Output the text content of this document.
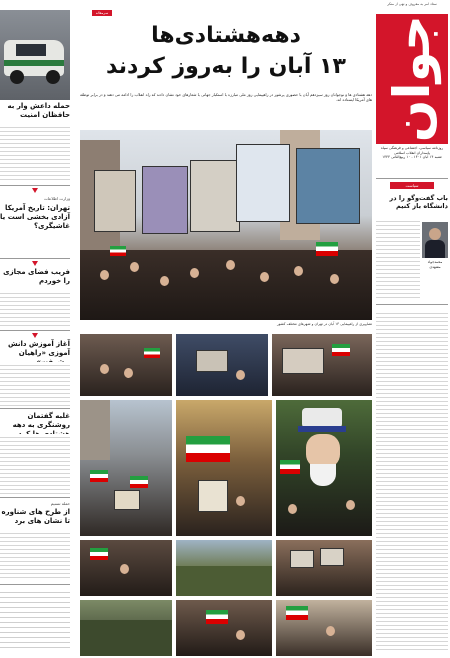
ستاد امر به معروف و نهی از منکر
جوان
روزنامه سیاسی، اجتماعی و فرهنگی سپاه پاسداران انقلاب اسلامی
شنبه ۱۴ آبان ۱۴۰۱ - ۱۰ ربیع‌الثانی ۱۴۴۴
سیاست
باب گفت‌وگو را در دانشگاه باز کنیم
محمدجواد مشهدی
حمله داعش وار به حافظان امنیت
وزارت اطلاعات
تهران: تاریخ آمریکا آزادی بخشی است یا غاشیگری؟
فریب فضای مجازی را خوردم
آغاز آموزش دانش آموزی «راهیان
غلبه گفتمان روشنگری به دهه
حمله تسنیم
از طرح های شناوره تا نشان های برد
سرمقاله
دهه‌هشتادی‌ها
۱۳ آبان را به‌روز کردند
دهه هشتادی ها و نوجوانان روز سیزدهم آبان با حضوری پرشور در راهپیمایی روز ملی مبارزه با استکبار جهانی با شعارهای خود نشان دادند که راه انقلاب را ادامه می دهند و در برابر توطئه های آمریکا ایستاده اند.
تصاویری از راهپیمایی ۱۳ آبان در تهران و شهرهای مختلف کشور
